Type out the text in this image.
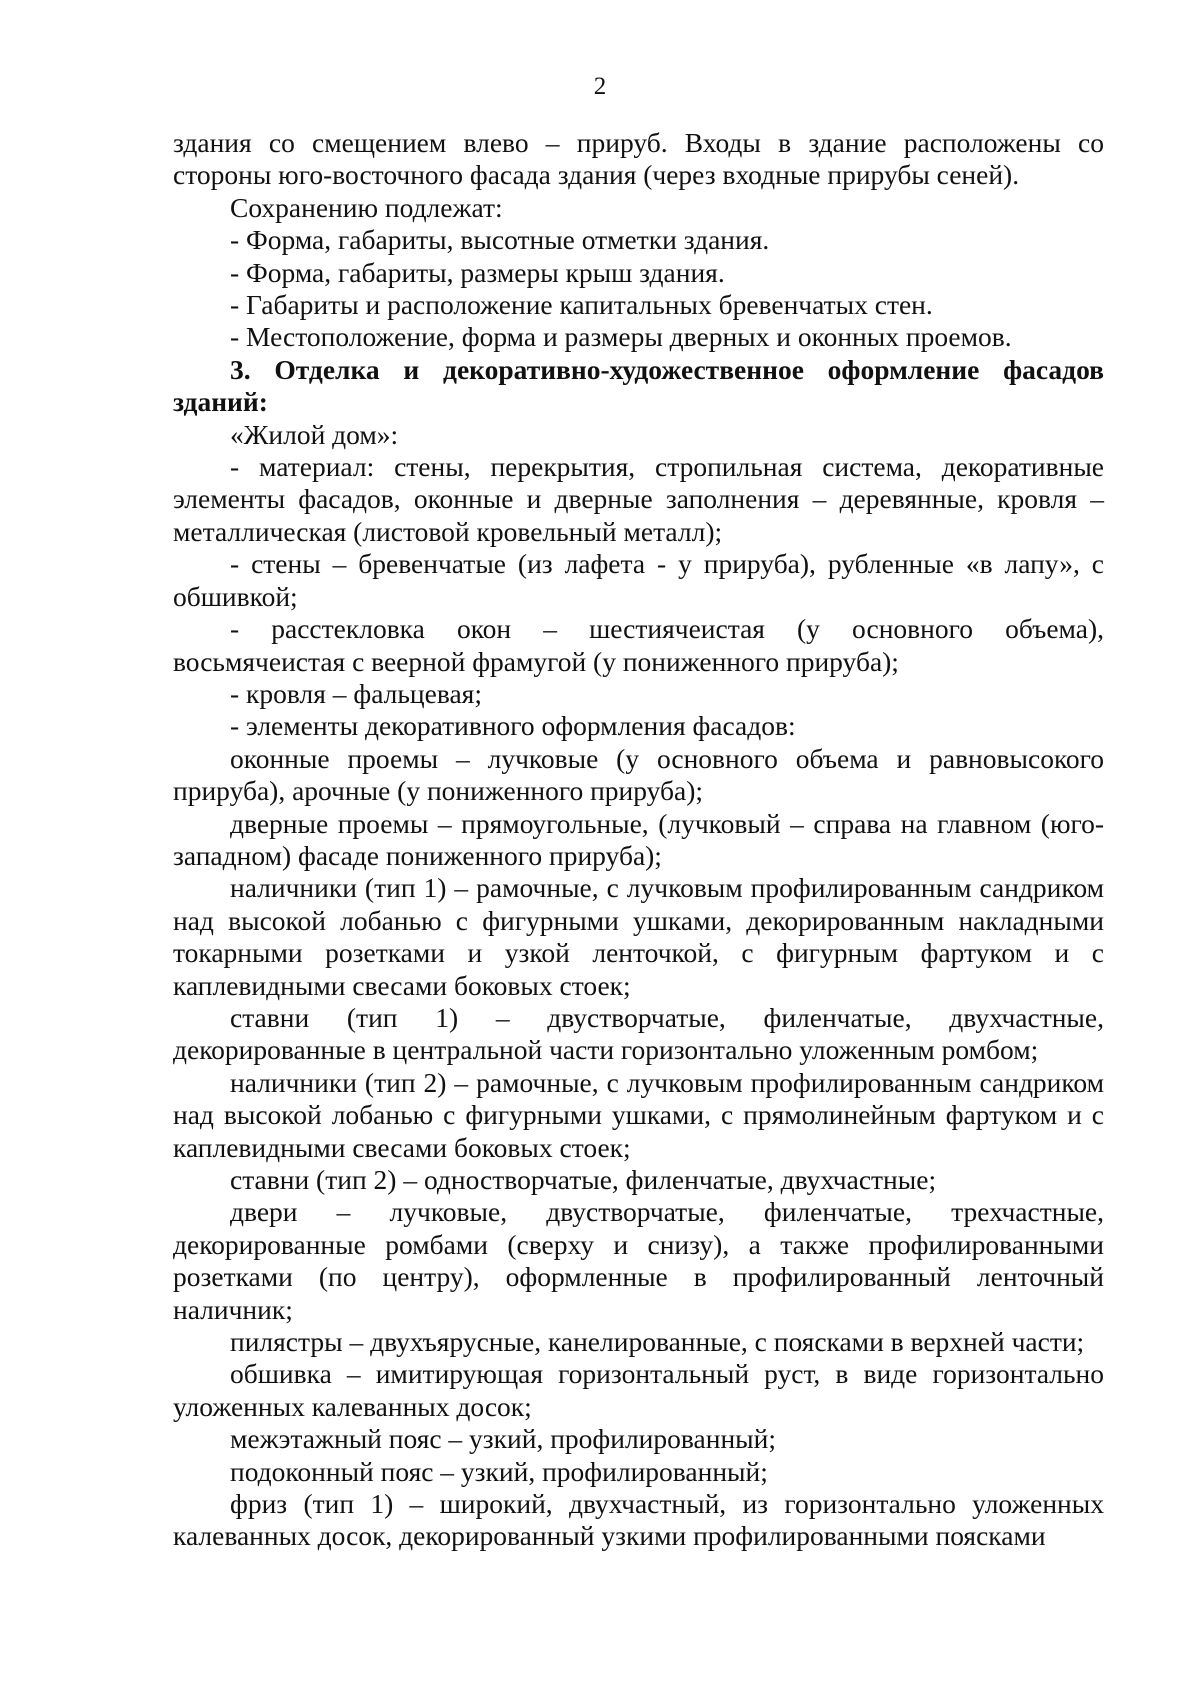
2

здания со смещением влево – прируб. Входы в здание расположены со стороны юго-восточного фасада здания (через входные прирубы сеней).

Сохранению подлежат:

- Форма, габариты, высотные отметки здания.

- Форма, габариты, размеры крыш здания.

- Габариты и расположение капитальных бревенчатых стен.

- Местоположение, форма и размеры дверных и оконных проемов.

3. Отделка и декоративно-художественное оформление фасадов зданий:

«Жилой дом»:

- материал: стены, перекрытия, стропильная система, декоративные элементы фасадов, оконные и дверные заполнения – деревянные, кровля – металлическая (листовой кровельный металл);

- стены – бревенчатые (из лафета - у прируба), рубленные «в лапу», с обшивкой;

- расстекловка окон – шестиячеистая (у основного объема), восьмячеистая с веерной фрамугой (у пониженного прируба);

- кровля – фальцевая;

- элементы декоративного оформления фасадов:

оконные проемы – лучковые (у основного объема и равновысокого прируба), арочные (у пониженного прируба);

дверные проемы – прямоугольные, (лучковый – справа на главном (юго-западном) фасаде пониженного прируба);

наличники (тип 1) – рамочные, с лучковым профилированным сандриком над высокой лобанью с фигурными ушками, декорированным накладными токарными розетками и узкой ленточкой, с фигурным фартуком и с каплевидными свесами боковых стоек;

ставни (тип 1) – двустворчатые, филенчатые, двухчастные, декорированные в центральной части горизонтально уложенным ромбом;

наличники (тип 2) – рамочные, с лучковым профилированным сандриком над высокой лобанью с фигурными ушками, с прямолинейным фартуком и с каплевидными свесами боковых стоек;

ставни (тип 2) – одностворчатые, филенчатые, двухчастные;

двери – лучковые, двустворчатые, филенчатые, трехчастные, декорированные ромбами (сверху и снизу), а также профилированными розетками (по центру), оформленные в профилированный ленточный наличник;

пилястры – двухъярусные, канелированные, с поясками в верхней части;

обшивка – имитирующая горизонтальный руст, в виде горизонтально уложенных калеванных досок;

межэтажный пояс – узкий, профилированный;

подоконный пояс – узкий, профилированный;

фриз (тип 1) – широкий, двухчастный, из горизонтально уложенных калеванных досок, декорированный узкими профилированными поясками
